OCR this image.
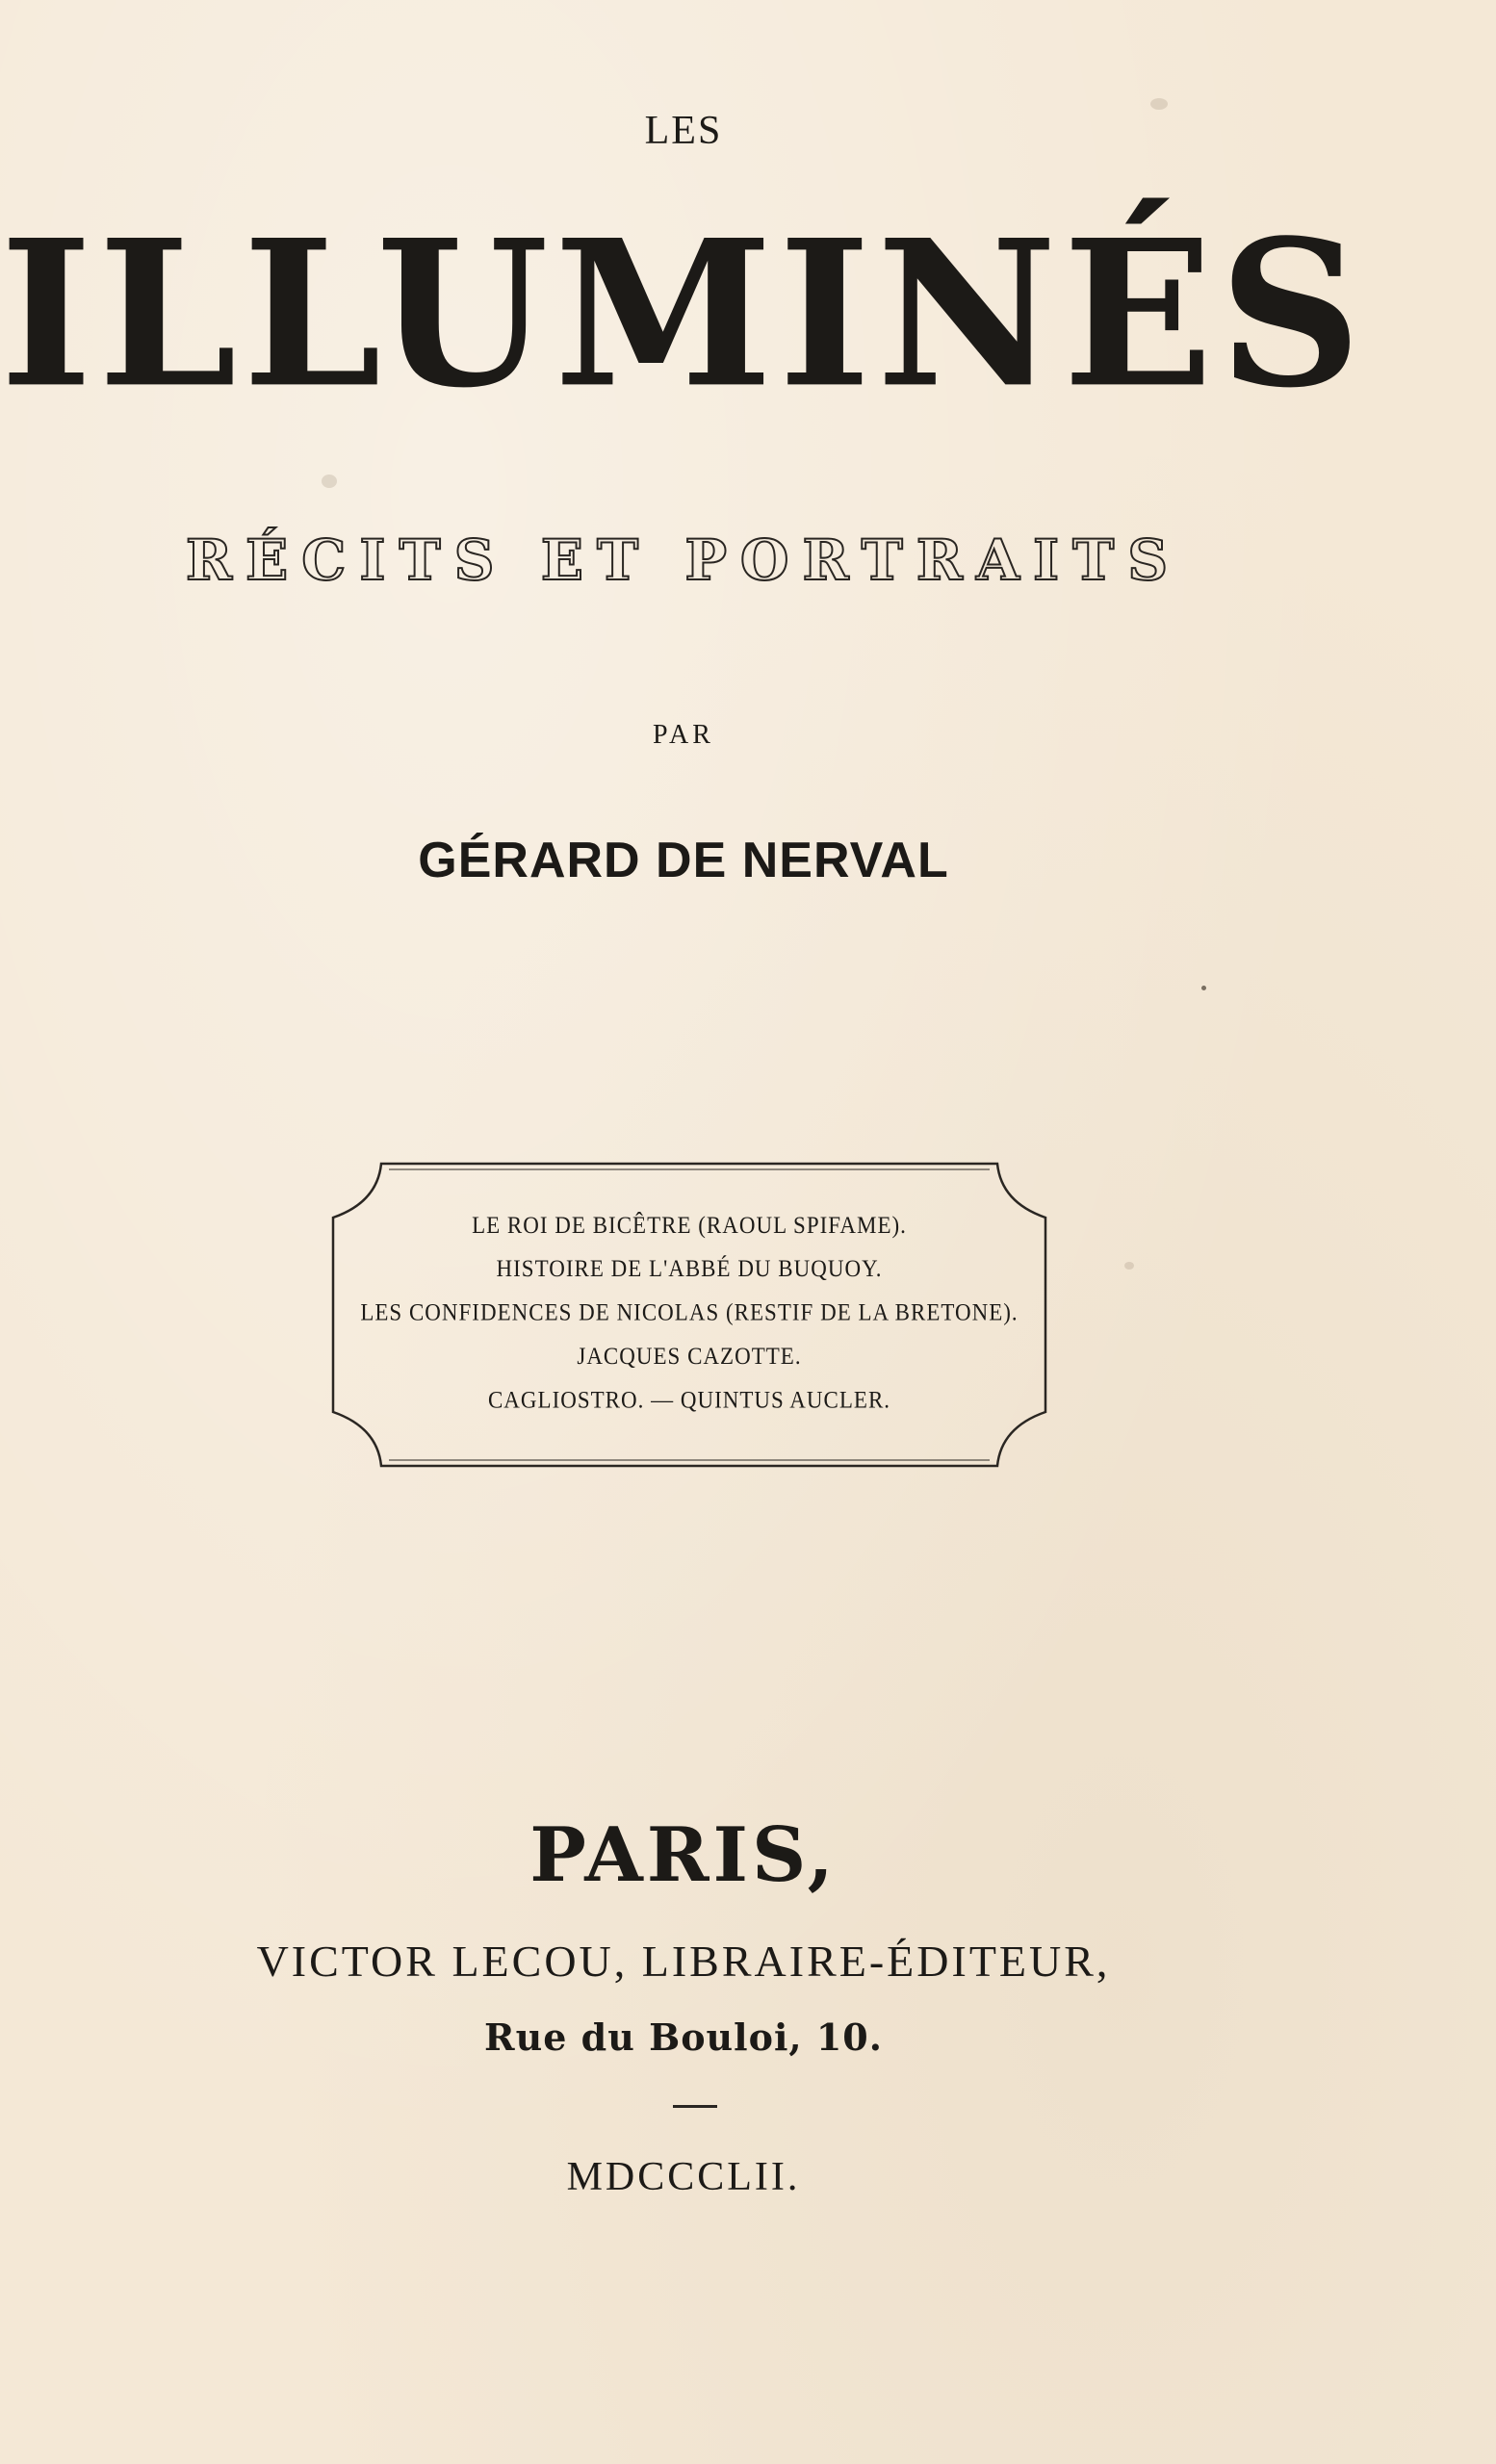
LES
ILLUMINÉS
RÉCITS ET PORTRAITS
PAR
GÉRARD DE NERVAL
LE ROI DE BICÊTRE (RAOUL SPIFAME).
HISTOIRE DE L'ABBÉ DU BUQUOY.
LES CONFIDENCES DE NICOLAS (RESTIF DE LA BRETONE).
JACQUES CAZOTTE.
CAGLIOSTRO. — QUINTUS AUCLER.
PARIS,
VICTOR LECOU, LIBRAIRE-ÉDITEUR,
Rue du Bouloi, 10.
MDCCCLII.
